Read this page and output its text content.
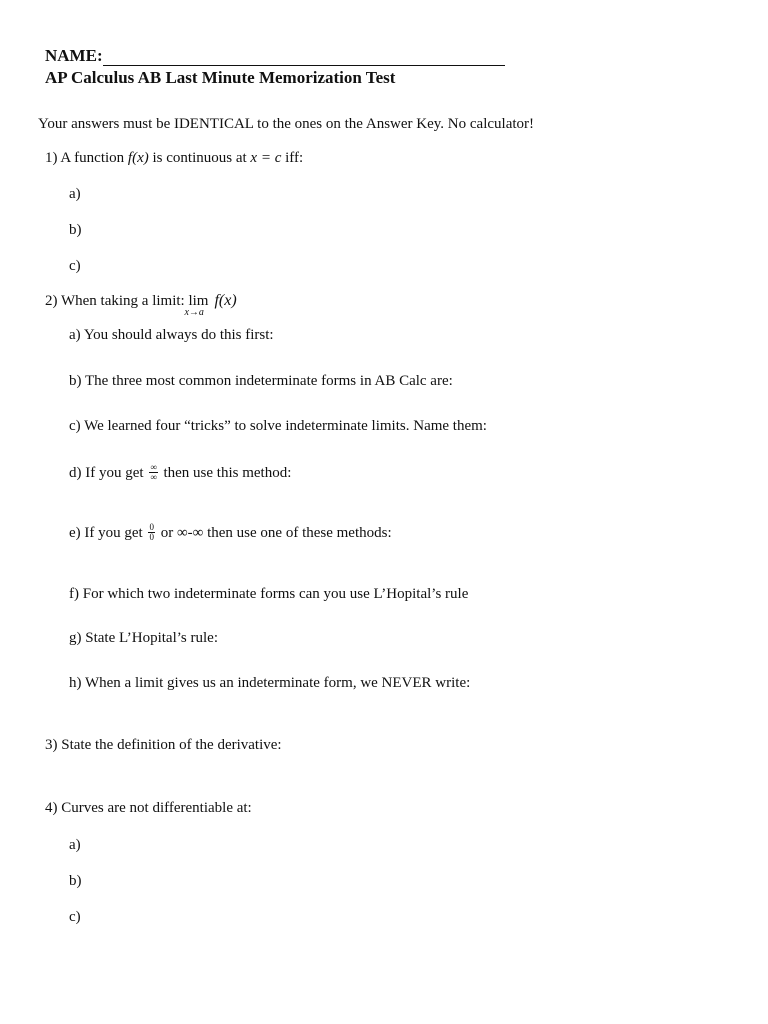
NAME:
AP Calculus AB Last Minute Memorization Test
Your answers must be IDENTICAL to the ones on the Answer Key. No calculator!
1) A function f(x) is continuous at x = c iff:
a)
b)
c)
2) When taking a limit: lim
x→a
f(x)
a) You should always do this first:
b) The three most common indeterminate forms in AB Calc are:
c) We learned four “tricks” to solve indeterminate limits. Name them:
d) If you get $\frac{\infty}{\infty}$ then use this method:
e) If you get $\frac{0}{0}$ or ∞-∞ then use one of these methods:
f) For which two indeterminate forms can you use L’Hopital’s rule
g) State L’Hopital’s rule:
h) When a limit gives us an indeterminate form, we NEVER write:
3) State the definition of the derivative:
4) Curves are not differentiable at:
a)
b)
c)
